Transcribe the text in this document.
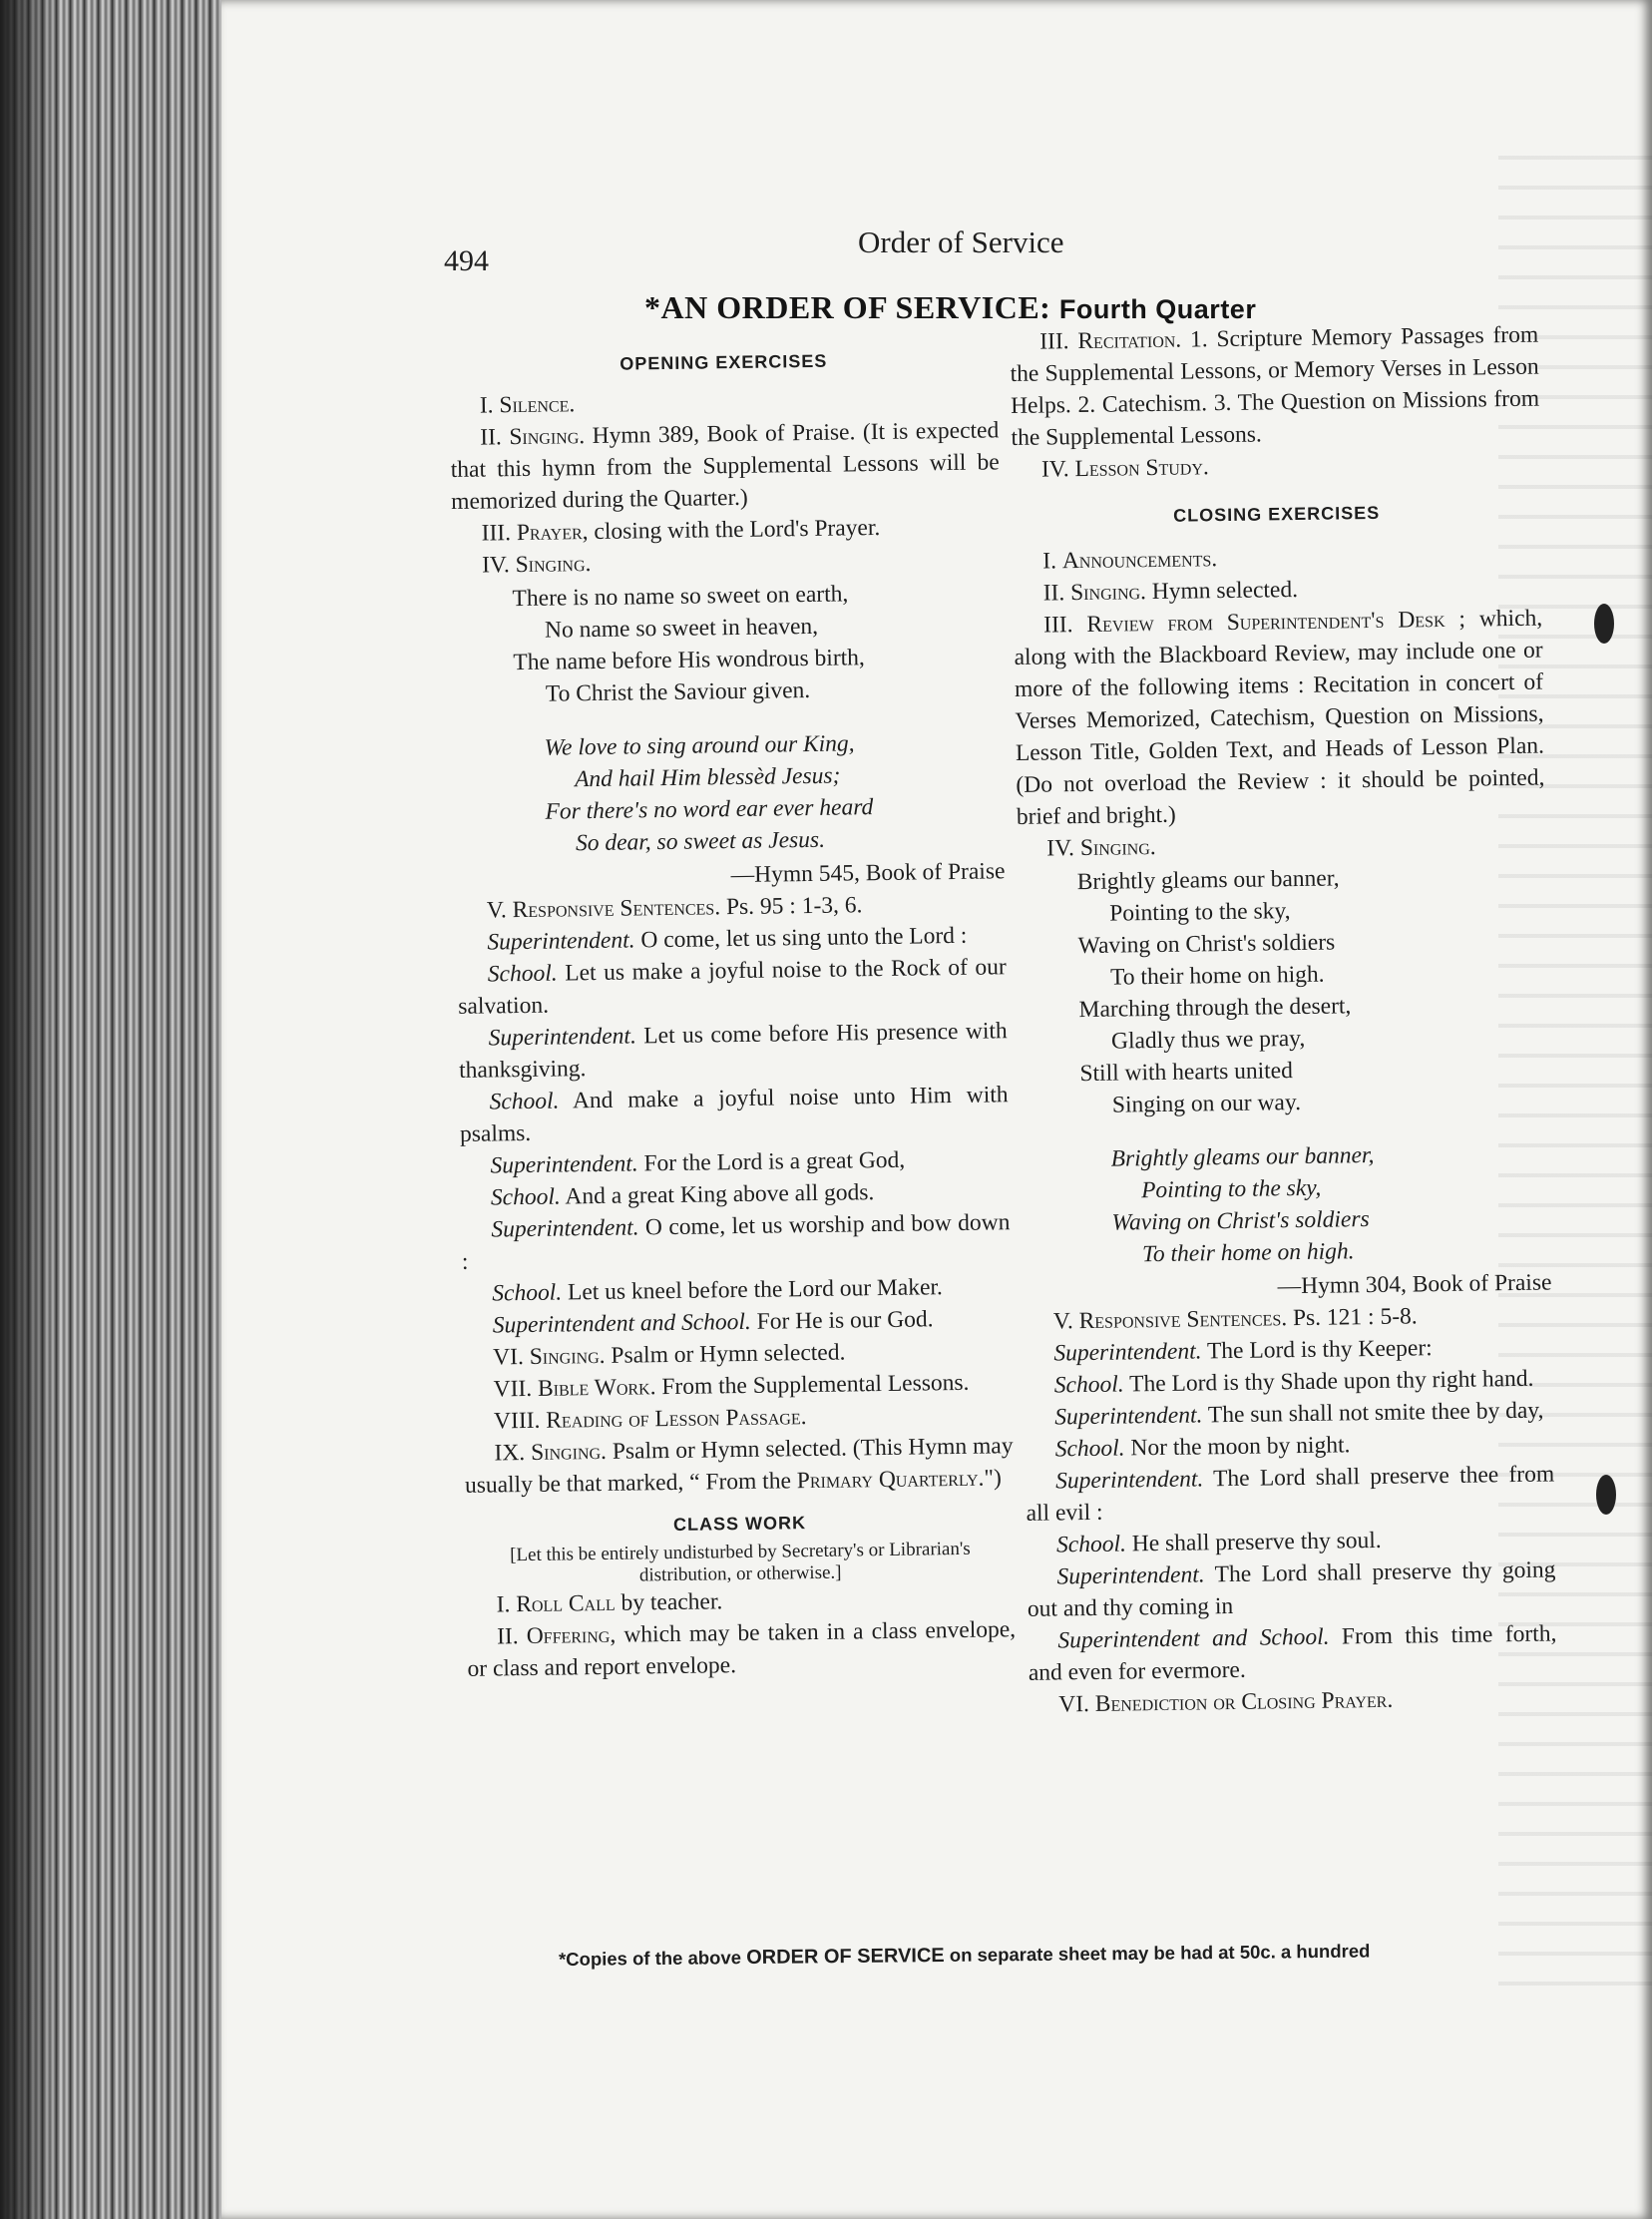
494
Order of Service
*AN ORDER OF SERVICE: Fourth Quarter
OPENING EXERCISES

I. Silence.

II. Singing. Hymn 389, Book of Praise. (It is expected that this hymn from the Supplemental Lessons will be memorized during the Quarter.)

III. Prayer, closing with the Lord's Prayer.

IV. Singing.

There is no name so sweet on earth,
No name so sweet in heaven,
The name before His wondrous birth,
To Christ the Saviour given.
We love to sing around our King,
And hail Him blessèd Jesus;
For there's no word ear ever heard
So dear, so sweet as Jesus.

—Hymn 545, Book of Praise

V. Responsive Sentences. Ps. 95 : 1-3, 6.

Superintendent. O come, let us sing unto the Lord :

School. Let us make a joyful noise to the Rock of our salvation.

Superintendent. Let us come before His presence with thanksgiving.

School. And make a joyful noise unto Him with psalms.

Superintendent. For the Lord is a great God,

School. And a great King above all gods.

Superintendent. O come, let us worship and bow down :

School. Let us kneel before the Lord our Maker.

Superintendent and School. For He is our God.

VI. Singing. Psalm or Hymn selected.

VII. Bible Work. From the Supplemental Lessons.

VIII. Reading of Lesson Passage.

IX. Singing. Psalm or Hymn selected. (This Hymn may usually be that marked, “ From the Primary Quarterly.")

CLASS WORK

[Let this be entirely undisturbed by Secretary's or Librarian's distribution, or otherwise.]

I. Roll Call by teacher.

II. Offering, which may be taken in a class envelope, or class and report envelope.

III. Recitation. 1. Scripture Memory Passages from the Supplemental Lessons, or Memory Verses in Lesson Helps. 2. Catechism. 3. The Question on Missions from the Supplemental Lessons.

IV. Lesson Study.

CLOSING EXERCISES

I. Announcements.

II. Singing. Hymn selected.

III. Review from Superintendent's Desk ; which, along with the Blackboard Review, may include one or more of the following items : Recitation in concert of Verses Memorized, Catechism, Question on Missions, Lesson Title, Golden Text, and Heads of Lesson Plan. (Do not overload the Review : it should be pointed, brief and bright.)

IV. Singing.

Brightly gleams our banner,
Pointing to the sky,
Waving on Christ's soldiers
To their home on high.
Marching through the desert,
Gladly thus we pray,
Still with hearts united
Singing on our way.
Brightly gleams our banner,
Pointing to the sky,
Waving on Christ's soldiers
To their home on high.

—Hymn 304, Book of Praise

V. Responsive Sentences. Ps. 121 : 5-8.

Superintendent. The Lord is thy Keeper:

School. The Lord is thy Shade upon thy right hand.

Superintendent. The sun shall not smite thee by day,

School. Nor the moon by night.

Superintendent. The Lord shall preserve thee from all evil :

School. He shall preserve thy soul.

Superintendent. The Lord shall preserve thy going out and thy coming in

Superintendent and School. From this time forth, and even for evermore.

VI. Benediction or Closing Prayer.

*Copies of the above ORDER OF SERVICE on separate sheet may be had at 50c. a hundred
